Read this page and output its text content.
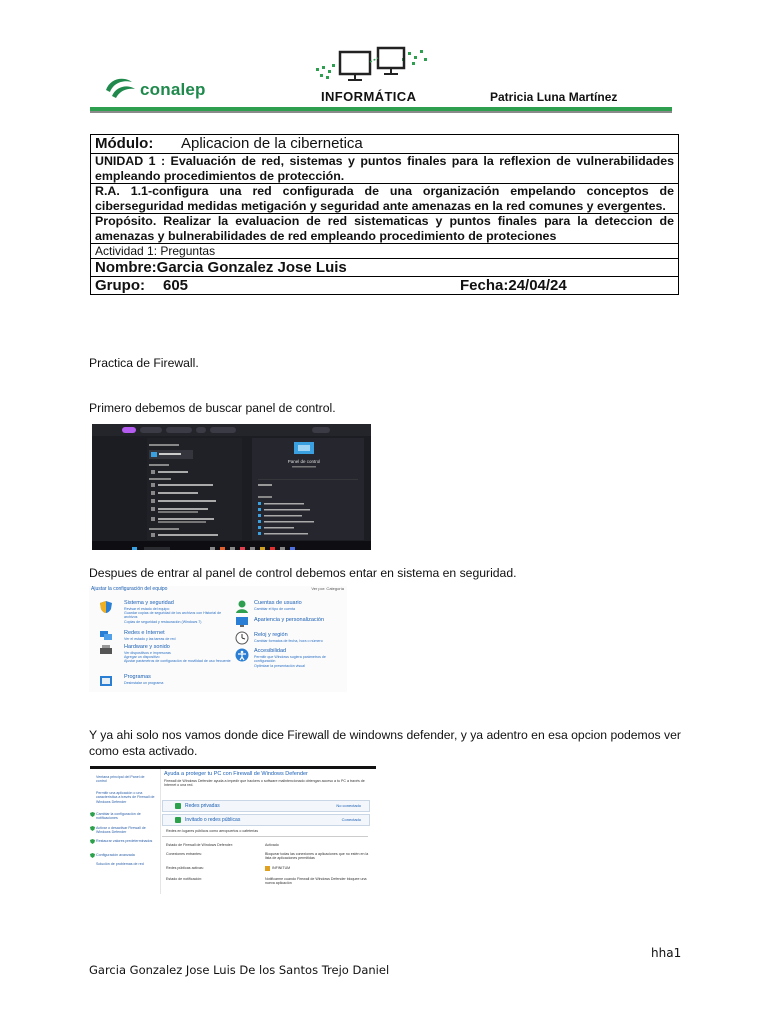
conalep	INFORMÁTICA	Patricia Luna Martínez
Módulo: Aplicacion de la cibernetica
UNIDAD 1 : Evaluación de red, sistemas y puntos finales para la reflexion de vulnerabilidades empleando procedimientos de protección.
R.A. 1.1-configura una red configurada de una organización empelando conceptos de ciberseguridad medidas metigación y seguridad ante amenazas en la red comunes y evergentes.
Propósito. Realizar la evaluacion de red sistematicas y puntos finales para la deteccion de amenazas y bulnerabilidades de red empleando procedimiento de proteciones
Actividad 1: Preguntas
Nombre:Garcia Gonzalez Jose Luis
Grupo: 605	Fecha:24/04/24
Practica de Firewall.
Primero debemos de buscar panel de control.
Panel de control
Despues de entrar al panel de control debemos entar en sistema en seguridad.
Ajustar la configuración del equipo	Ver por: Categoría
Sistema y seguridad
Revisar el estado del equipo
Guardar copias de seguridad de los archivos con Historial de archivos
Copias de seguridad y restauración (Windows 7)
Redes e Internet
Ver el estado y las tareas de red
Hardware y sonido
Ver dispositivos e impresoras
Agregar un dispositivo
Ajustar parámetros de configuración de movilidad de uso frecuente
Programas
Desinstalar un programa
Cuentas de usuario
Cambiar el tipo de cuenta
Apariencia y personalización
Reloj y región
Cambiar formatos de fecha, hora o número
Accesibilidad
Permitir que Windows sugiera parámetros de configuración
Optimizar la presentación visual
Y ya ahi solo nos vamos donde dice Firewall de windowns defender, y ya adentro en esa opcion podemos ver como esta activado.
Ventana principal del Panel de control
Permitir una aplicación o una característica a través de Firewall de Windows Defender
Cambiar la configuración de notificaciones
Activar o desactivar Firewall de Windows Defender
Restaurar valores predeterminados
Configuración avanzada
Solución de problemas de red
Ayuda a proteger tu PC con Firewall de Windows Defender
Firewall de Windows Defender ayuda a impedir que hackers o software malintencionado obtengan acceso a tu PC a través de Internet o una red.
Redes privadas	No conectado
Invitado o redes públicas	Conectado
Redes en lugares públicos como aeropuertos o cafeterías
Estado de Firewall de Windows Defender:	Activado
Conexiones entrantes:	Bloquear todas las conexiones a aplicaciones que no estén en la lista de aplicaciones permitidas
Redes públicas activas:	INFINITUM
Estado de notificación:	Notificarme cuando Firewall de Windows Defender bloquee una nueva aplicación
hha1
Garcia Gonzalez Jose Luis De los Santos Trejo Daniel
